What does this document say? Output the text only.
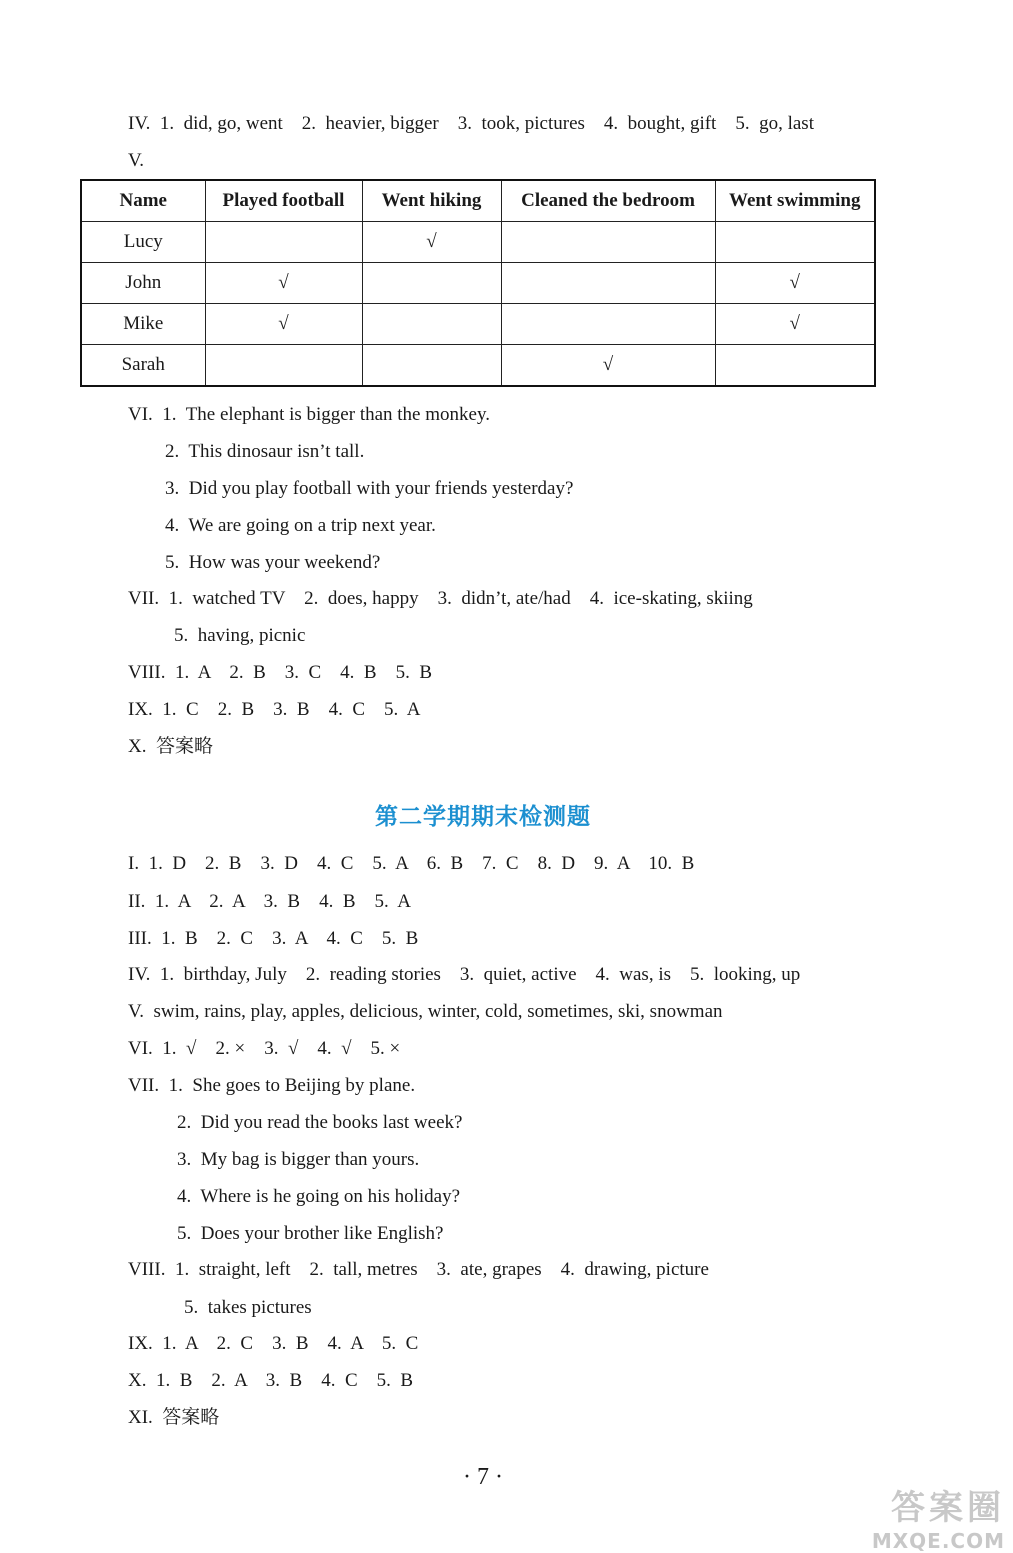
IV.  1.  did, go, went    2.  heavier, bigger    3.  took, pictures    4.  bought, gift    5.  go, last
V.
Name	Played football	Went hiking	Cleaned the bedroom	Went swimming
Lucy		√		
John	√			√
Mike	√			√
Sarah			√	
VI.  1.  The elephant is bigger than the monkey.
2.  This dinosaur isn’t tall.
3.  Did you play football with your friends yesterday?
4.  We are going on a trip next year.
5.  How was your weekend?
VII.  1.  watched TV    2.  does, happy    3.  didn’t, ate/had    4.  ice-skating, skiing
5.  having, picnic
VIII.  1.  A    2.  B    3.  C    4.  B    5.  B
IX.  1.  C    2.  B    3.  B    4.  C    5.  A
X.  答案略
第二学期期末检测题
I.  1.  D    2.  B    3.  D    4.  C    5.  A    6.  B    7.  C    8.  D    9.  A    10.  B
II.  1.  A    2.  A    3.  B    4.  B    5.  A
III.  1.  B    2.  C    3.  A    4.  C    5.  B
IV.  1.  birthday, July    2.  reading stories    3.  quiet, active    4.  was, is    5.  looking, up
V.  swim, rains, play, apples, delicious, winter, cold, sometimes, ski, snowman
VI.  1.  √    2. ×    3.  √    4.  √    5. ×
VII.  1.  She goes to Beijing by plane.
2.  Did you read the books last week?
3.  My bag is bigger than yours.
4.  Where is he going on his holiday?
5.  Does your brother like English?
VIII.  1.  straight, left    2.  tall, metres    3.  ate, grapes    4.  drawing, picture
5.  takes pictures
IX.  1.  A    2.  C    3.  B    4.  A    5.  C
X.  1.  B    2.  A    3.  B    4.  C    5.  B
XI.  答案略
· 7 ·
答案圈
MXQE.COM
